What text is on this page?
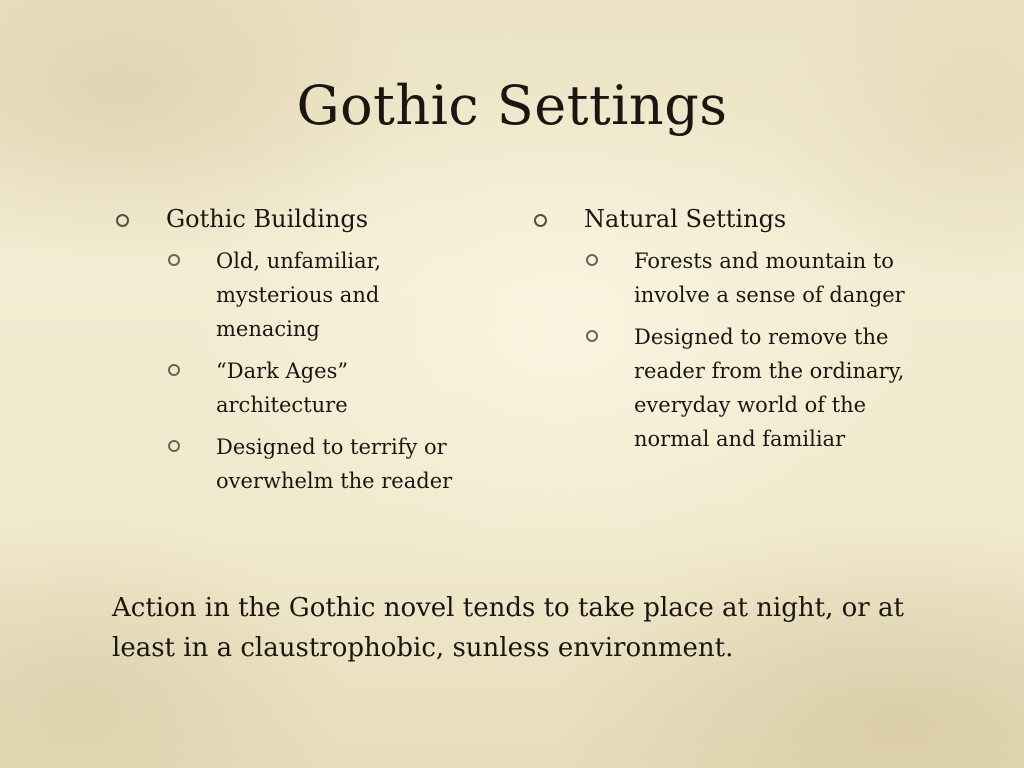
Gothic Settings
Gothic Buildings
Old, unfamiliar, mysterious and menacing
“Dark Ages” architecture
Designed to terrify or overwhelm the reader
Natural Settings
Forests and mountain to involve a sense of danger
Designed to remove the reader from the ordinary, everyday world of the normal and familiar
Action in the Gothic novel tends to take place at night, or at least in a claustrophobic, sunless environment.
